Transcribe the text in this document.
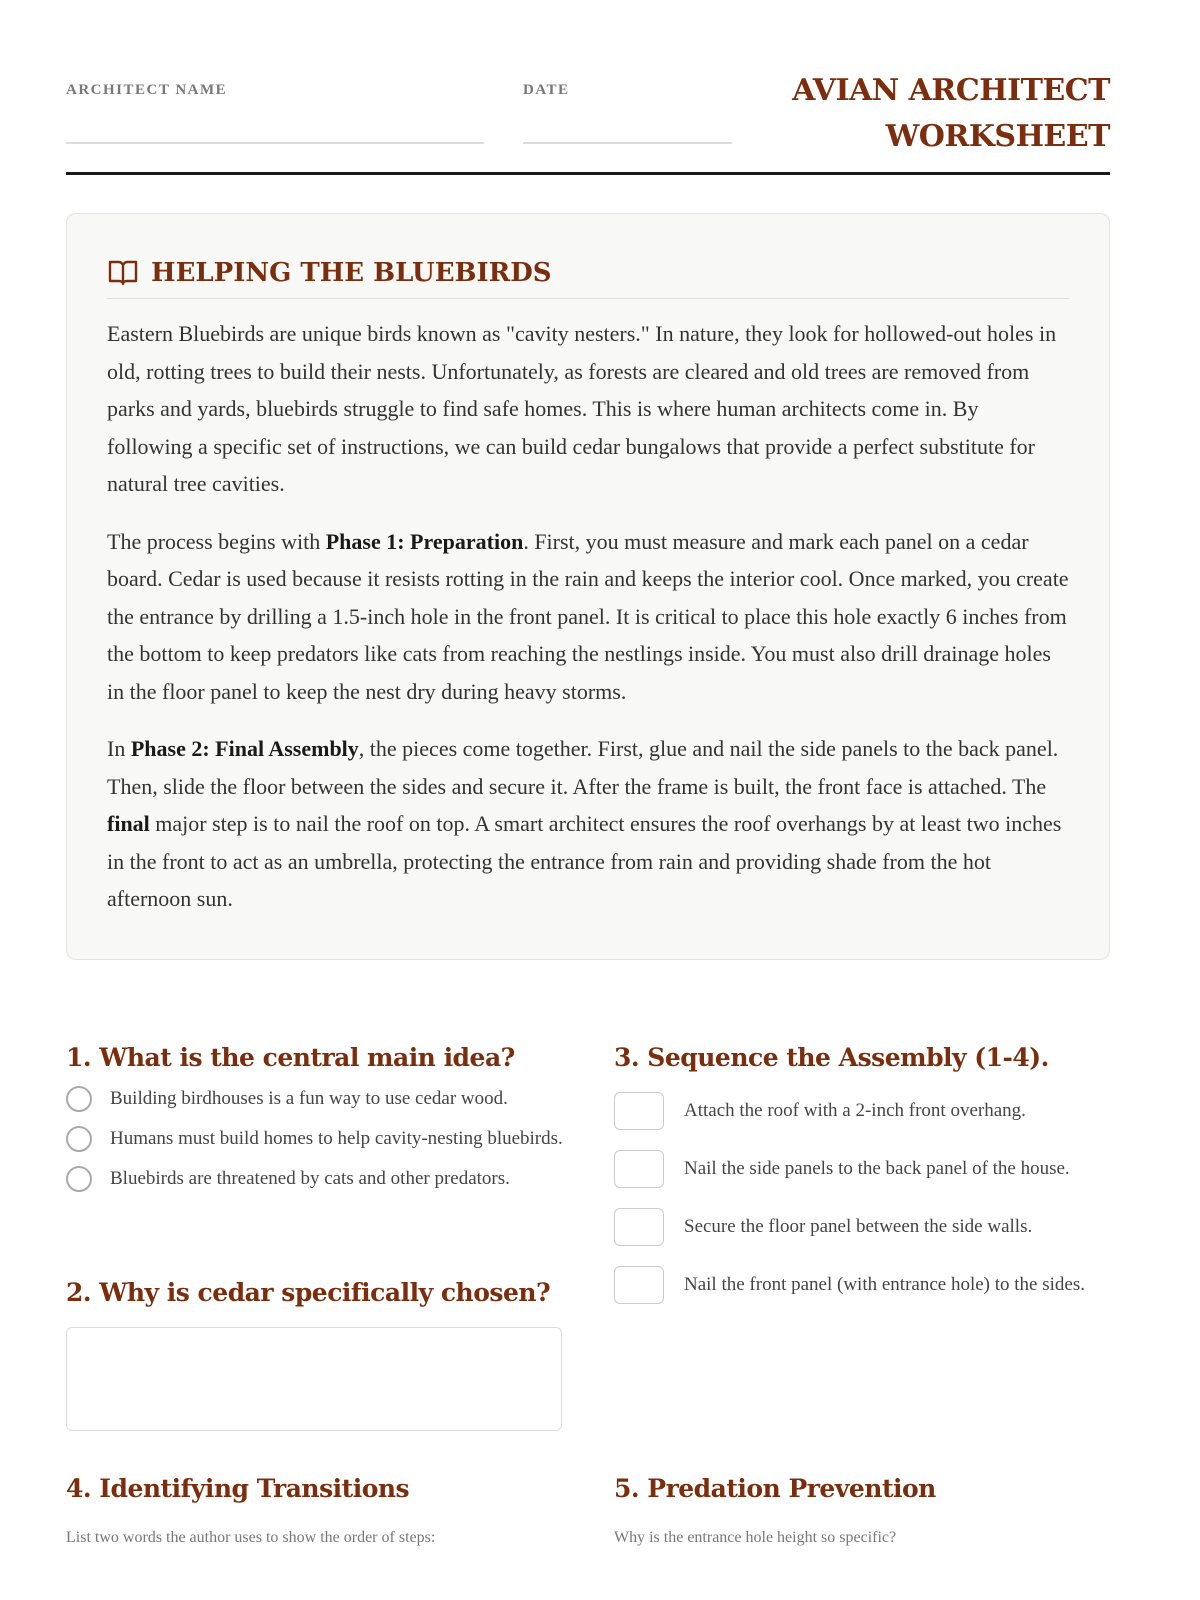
ARCHITECT NAME	DATE	AVIAN ARCHITECT
WORKSHEET
HELPING THE BLUEBIRDS

Eastern Bluebirds are unique birds known as "cavity nesters." In nature, they look for hollowed-out holes in old, rotting trees to build their nests. Unfortunately, as forests are cleared and old trees are removed from parks and yards, bluebirds struggle to find safe homes. This is where human architects come in. By following a specific set of instructions, we can build cedar bungalows that provide a perfect substitute for natural tree cavities.

The process begins with Phase 1: Preparation. First, you must measure and mark each panel on a cedar board. Cedar is used because it resists rotting in the rain and keeps the interior cool. Once marked, you create the entrance by drilling a 1.5-inch hole in the front panel. It is critical to place this hole exactly 6 inches from the bottom to keep predators like cats from reaching the nestlings inside. You must also drill drainage holes in the floor panel to keep the nest dry during heavy storms.

In Phase 2: Final Assembly, the pieces come together. First, glue and nail the side panels to the back panel. Then, slide the floor between the sides and secure it. After the frame is built, the front face is attached. The final major step is to nail the roof on top. A smart architect ensures the roof overhangs by at least two inches in the front to act as an umbrella, protecting the entrance from rain and providing shade from the hot afternoon sun.

1. What is the central main idea?
Building birdhouses is a fun way to use cedar wood.
Humans must build homes to help cavity-nesting bluebirds.
Bluebirds are threatened by cats and other predators.
2. Why is cedar specifically chosen?
3. Sequence the Assembly (1-4).
Attach the roof with a 2-inch front overhang.
Nail the side panels to the back panel of the house.
Secure the floor panel between the side walls.
Nail the front panel (with entrance hole) to the sides.
4. Identifying Transitions
List two words the author uses to show the order of steps:
5. Predation Prevention
Why is the entrance hole height so specific?
